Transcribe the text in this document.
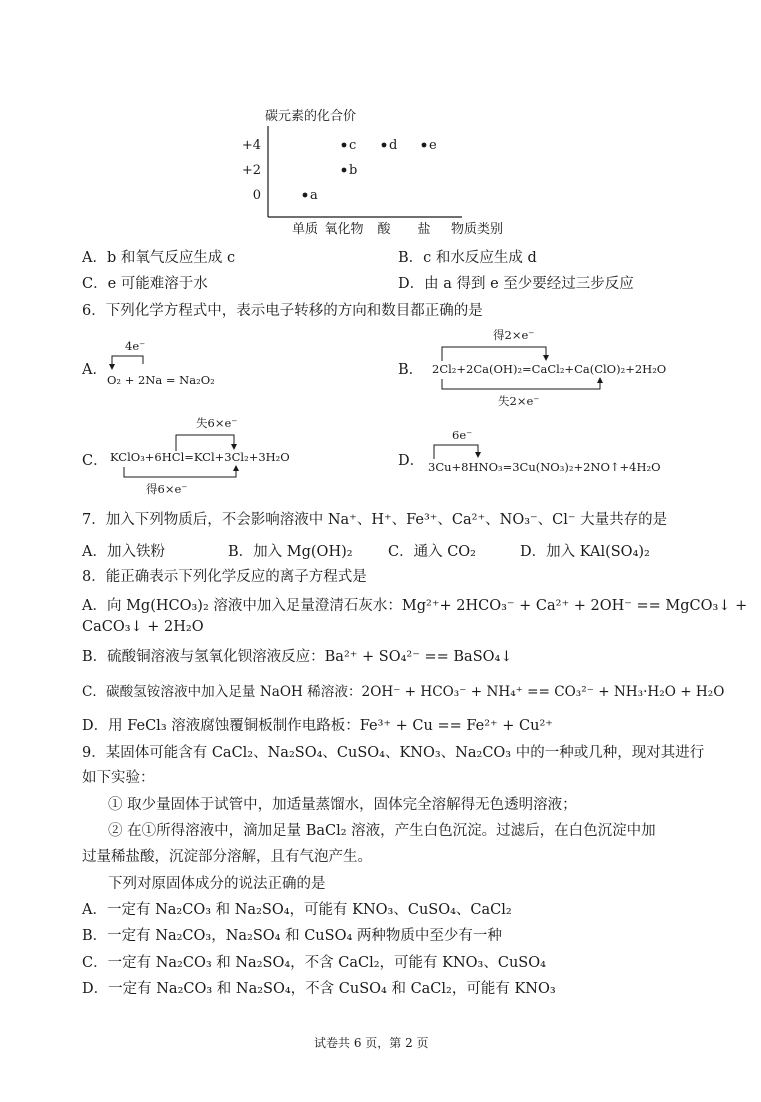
碳元素的化合价
+4
+2
0
单质 氧化物 酸 盐
a
b
c	d e
物质类别
A．b 和氧气反应生成 c	B．c 和水反应生成 d
C．e 可能难溶于水	D．由 a 得到 e 至少要经过三步反应
6．下列化学方程式中，表示电子转移的方向和数目都正确的是
A．
4e⁻
O₂ + 2Na = Na₂O₂
B．
得2×e⁻
2Cl₂+2Ca(OH)₂=CaCl₂+Ca(ClO)₂+2H₂O
失2×e⁻
C．
失6×e⁻
KClO₃+6HCl=KCl+3Cl₂+3H₂O
得6×e⁻
D．
6e⁻
3Cu+8HNO₃=3Cu(NO₃)₂+2NO↑+4H₂O
7．加入下列物质后，不会影响溶液中 Na⁺、H⁺、Fe³⁺、Ca²⁺、NO₃⁻、Cl⁻ 大量共存的是
A．加入铁粉	B．加入 Mg(OH)₂ C．通入 CO₂	D．加入 KAl(SO₄)₂
8．能正确表示下列化学反应的离子方程式是
A．向 Mg(HCO₃)₂ 溶液中加入足量澄清石灰水：Mg²⁺+ 2HCO₃⁻ + Ca²⁺ + 2OH⁻ == MgCO₃↓ +
CaCO₃↓ + 2H₂O
B．硫酸铜溶液与氢氧化钡溶液反应：Ba²⁺ + SO₄²⁻ == BaSO₄↓
C．碳酸氢铵溶液中加入足量 NaOH 稀溶液：2OH⁻ + HCO₃⁻ + NH₄⁺ == CO₃²⁻ + NH₃·H₂O + H₂O
D．用 FeCl₃ 溶液腐蚀覆铜板制作电路板：Fe³⁺ + Cu == Fe²⁺ + Cu²⁺
9．某固体可能含有 CaCl₂、Na₂SO₄、CuSO₄、KNO₃、Na₂CO₃ 中的一种或几种，现对其进行
如下实验：
① 取少量固体于试管中，加适量蒸馏水，固体完全溶解得无色透明溶液；
② 在①所得溶液中，滴加足量 BaCl₂ 溶液，产生白色沉淀。过滤后，在白色沉淀中加
过量稀盐酸，沉淀部分溶解，且有气泡产生。
下列对原固体成分的说法正确的是
A．一定有 Na₂CO₃ 和 Na₂SO₄，可能有 KNO₃、CuSO₄、CaCl₂
B．一定有 Na₂CO₃，Na₂SO₄ 和 CuSO₄ 两种物质中至少有一种
C．一定有 Na₂CO₃ 和 Na₂SO₄，不含 CaCl₂，可能有 KNO₃、CuSO₄
D．一定有 Na₂CO₃ 和 Na₂SO₄，不含 CuSO₄ 和 CaCl₂，可能有 KNO₃
试卷共 6 页，第 2 页
